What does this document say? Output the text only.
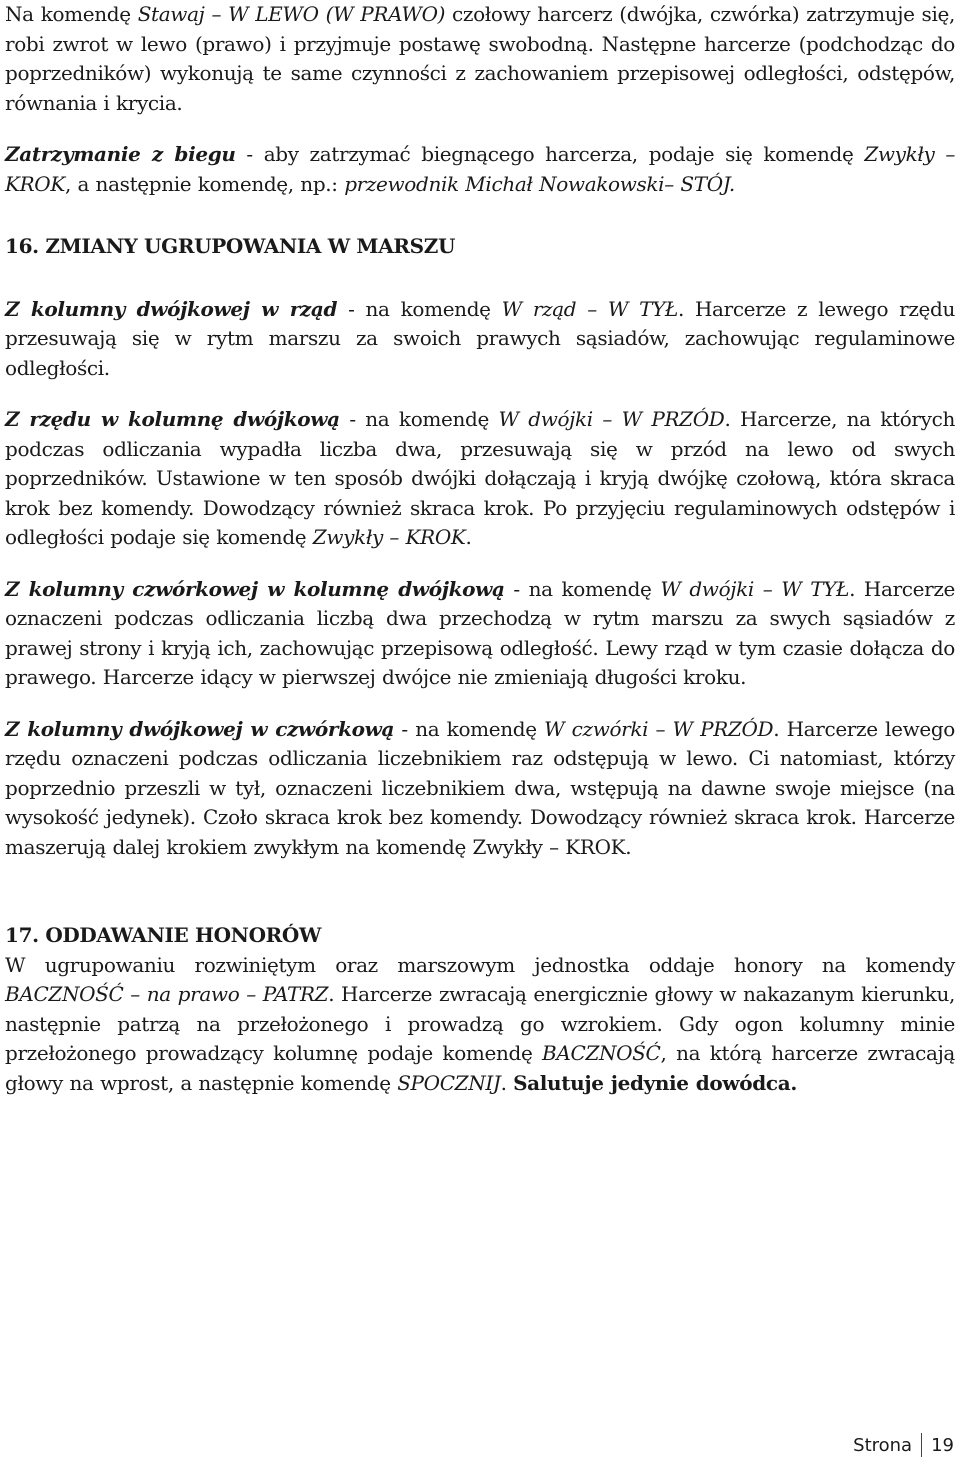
Na komendę Stawaj – W LEWO (W PRAWO) czołowy harcerz (dwójka, czwórka) zatrzymuje się, robi zwrot w lewo (prawo) i przyjmuje postawę swobodną. Następne harcerze (podchodząc do poprzedników) wykonują te same czynności z zachowaniem przepisowej odległości, odstępów, równania i krycia.

Zatrzymanie z biegu - aby zatrzymać biegnącego harcerza, podaje się komendę Zwykły – KROK, a następnie komendę, np.: przewodnik Michał Nowakowski– STÓJ.

16. ZMIANY UGRUPOWANIA W MARSZU

Z kolumny dwójkowej w rząd - na komendę W rząd – W TYŁ. Harcerze z lewego rzędu przesuwają się w rytm marszu za swoich prawych sąsiadów, zachowując regulaminowe odległości.

Z rzędu w kolumnę dwójkową - na komendę W dwójki – W PRZÓD. Harcerze, na których podczas odliczania wypadła liczba dwa, przesuwają się w przód na lewo od swych poprzedników. Ustawione w ten sposób dwójki dołączają i kryją dwójkę czołową, która skraca krok bez komendy. Dowodzący również skraca krok. Po przyjęciu regulaminowych odstępów i odległości podaje się komendę Zwykły – KROK.

Z kolumny czwórkowej w kolumnę dwójkową - na komendę W dwójki – W TYŁ. Harcerze oznaczeni podczas odliczania liczbą dwa przechodzą w rytm marszu za swych sąsiadów z prawej strony i kryją ich, zachowując przepisową odległość. Lewy rząd w tym czasie dołącza do prawego. Harcerze idący w pierwszej dwójce nie zmieniają długości kroku.

Z kolumny dwójkowej w czwórkową - na komendę W czwórki – W PRZÓD. Harcerze lewego rzędu oznaczeni podczas odliczania liczebnikiem raz odstępują w lewo. Ci natomiast, którzy poprzednio przeszli w tył, oznaczeni liczebnikiem dwa, wstępują na dawne swoje miejsce (na wysokość jedynek). Czoło skraca krok bez komendy. Dowodzący również skraca krok. Harcerze maszerują dalej krokiem zwykłym na komendę Zwykły – KROK.

17. ODDAWANIE HONORÓW

W ugrupowaniu rozwiniętym oraz marszowym jednostka oddaje honory na komendy BACZNOŚĆ – na prawo – PATRZ. Harcerze zwracają energicznie głowy w nakazanym kierunku, następnie patrzą na przełożonego i prowadzą go wzrokiem. Gdy ogon kolumny minie przełożonego prowadzący kolumnę podaje komendę BACZNOŚĆ, na którą harcerze zwracają głowy na wprost, a następnie komendę SPOCZNIJ. Salutuje jedynie dowódca.

Strona 19
